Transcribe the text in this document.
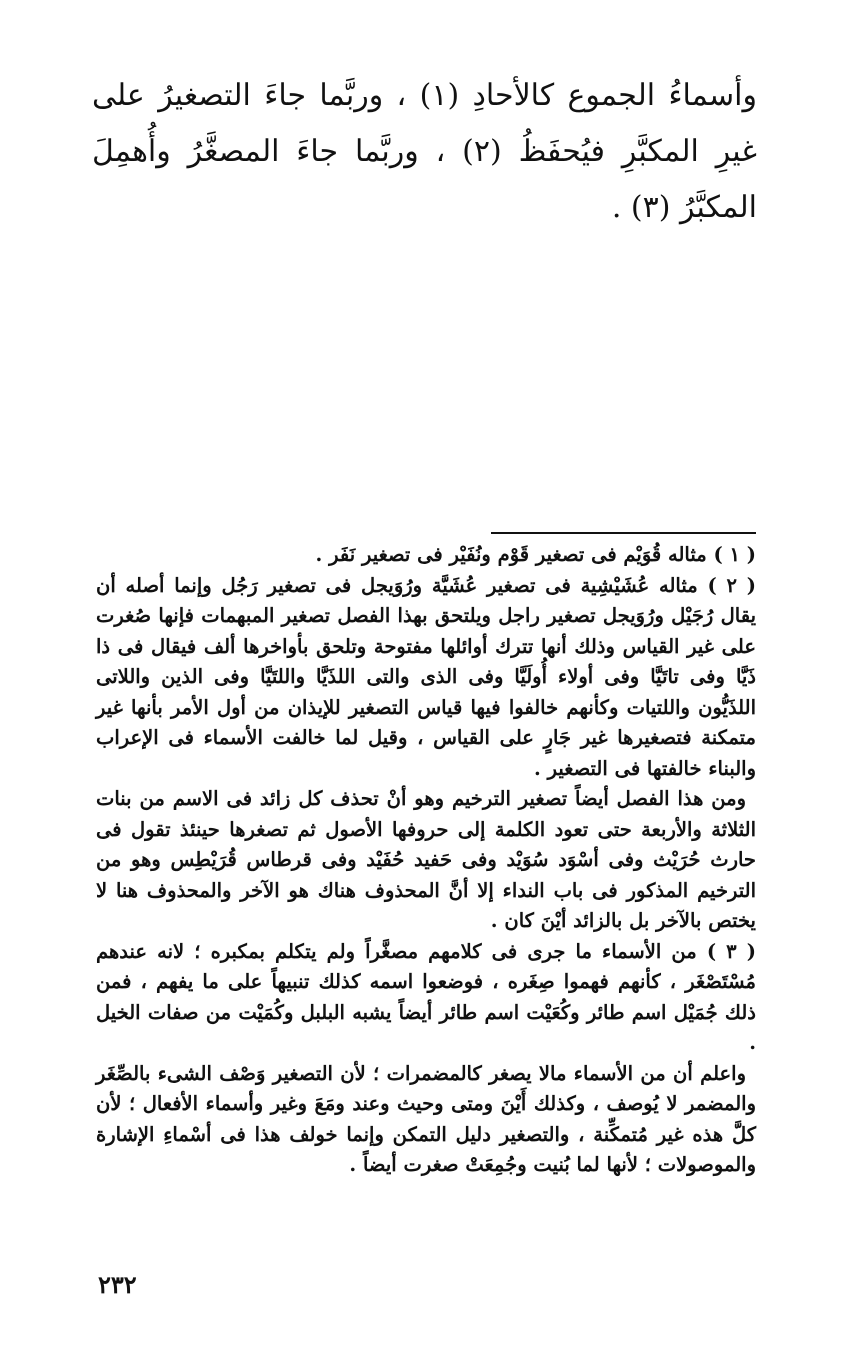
وأسماءُ الجموع كالأحادِ (١) ، وربَّما جاءَ التصغيرُ على غيرِ المكبَّرِ فيُحفَظُ (٢) ، وربَّما جاءَ المصغَّرُ وأُهمِلَ المكبَّرُ (٣) .

( ١ ) مثاله قُوَيْم فى تصغير قَوْم ونُفَيْر فى تصغير نَفَر .

( ٢ ) مثاله عُشَيْشِية فى تصغير عُشَيَّة ورُوَيجل فى تصغير رَجُل وإنما أصله أن يقال رُجَيْل ورُوَيجل تصغير راجل ويلتحق بهذا الفصل تصغير المبهمات فإنها صُغرت على غير القياس وذلك أنها تترك أوائلها مفتوحة وتلحق بأواخرها ألف فيقال فى ذا ذَيَّا وفى تاتَيَّا وفى أولاء أُولَيَّا وفى الذى والتى اللذَيَّا واللتَيَّا وفى الذين واللاتى اللذَيُّون واللتيات وكأنهم خالفوا فيها قياس التصغير للإيذان من أول الأمر بأنها غير متمكنة فتصغيرها غير جَارٍ على القياس ، وقيل لما خالفت الأسماء فى الإعراب والبناء خالفتها فى التصغير .

ومن هذا الفصل أيضاً تصغير الترخيم وهو أنْ تحذف كل زائد فى الاسم من بنات الثلاثة والأربعة حتى تعود الكلمة إلى حروفها الأصول ثم تصغرها حينئذ تقول فى حارث حُرَيْث وفى أسْوَد سُوَيْد وفى حَفيد حُفَيْد وفى قرطاس قُرَيْطِس وهو من الترخيم المذكور فى باب النداء إلا أنَّ المحذوف هناك هو الآخر والمحذوف هنا لا يختص بالآخر بل بالزائد أيْنَ كان .

( ٣ ) من الأسماء ما جرى فى كلامهم مصغَّراً ولم يتكلم بمكبره ؛ لانه عندهم مُسْتَصْغَر ، كأنهم فهموا صِغَره ، فوضعوا اسمه كذلك تنبيهاً على ما يفهم ، فمن ذلك جُمَيْل اسم طائر وكُعَيْت اسم طائر أيضاً يشبه البلبل وكُمَيْت من صفات الخيل .

واعلم أن من الأسماء مالا يصغر كالمضمرات ؛ لأن التصغير وَصْف الشىء بالصِّغَر والمضمر لا يُوصف ، وكذلك أَيْنَ ومتى وحيث وعند ومَعَ وغير وأسماء الأفعال ؛ لأن كلَّ هذه غير مُتمكِّنة ، والتصغير دليل التمكن وإنما خولف هذا فى أسْماءِ الإشارة والموصولات ؛ لأنها لما بُنيت وجُمِعَتْ صغرت أيضاً .

٢٣٢
